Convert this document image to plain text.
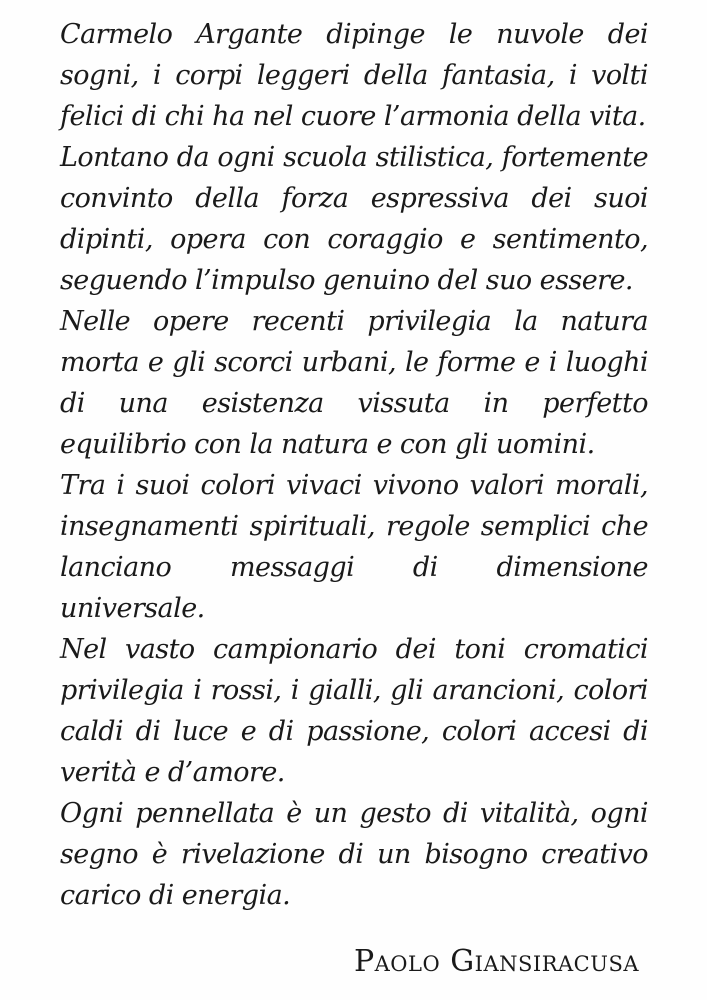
Carmelo Argante dipinge le nuvole dei sogni, i corpi leggeri della fantasia, i volti felici di chi ha nel cuore l’armonia della vita.

Lontano da ogni scuola stilistica, fortemente convinto della forza espressiva dei suoi dipinti, opera con coraggio e sentimento, seguendo l’impulso genuino del suo essere.

Nelle opere recenti privilegia la natura morta e gli scorci urbani, le forme e i luoghi di una esistenza vissuta in perfetto equilibrio con la natura e con gli uomini.

Tra i suoi colori vivaci vivono valori morali, insegnamenti spirituali, regole semplici che lanciano messaggi di dimensione universale.

Nel vasto campionario dei toni cromatici privilegia i rossi, i gialli, gli arancioni, colori caldi di luce e di passione, colori accesi di verità e d’amore.

Ogni pennellata è un gesto di vitalità, ogni segno è rivelazione di un bisogno creativo carico di energia.

Paolo Giansiracusa
